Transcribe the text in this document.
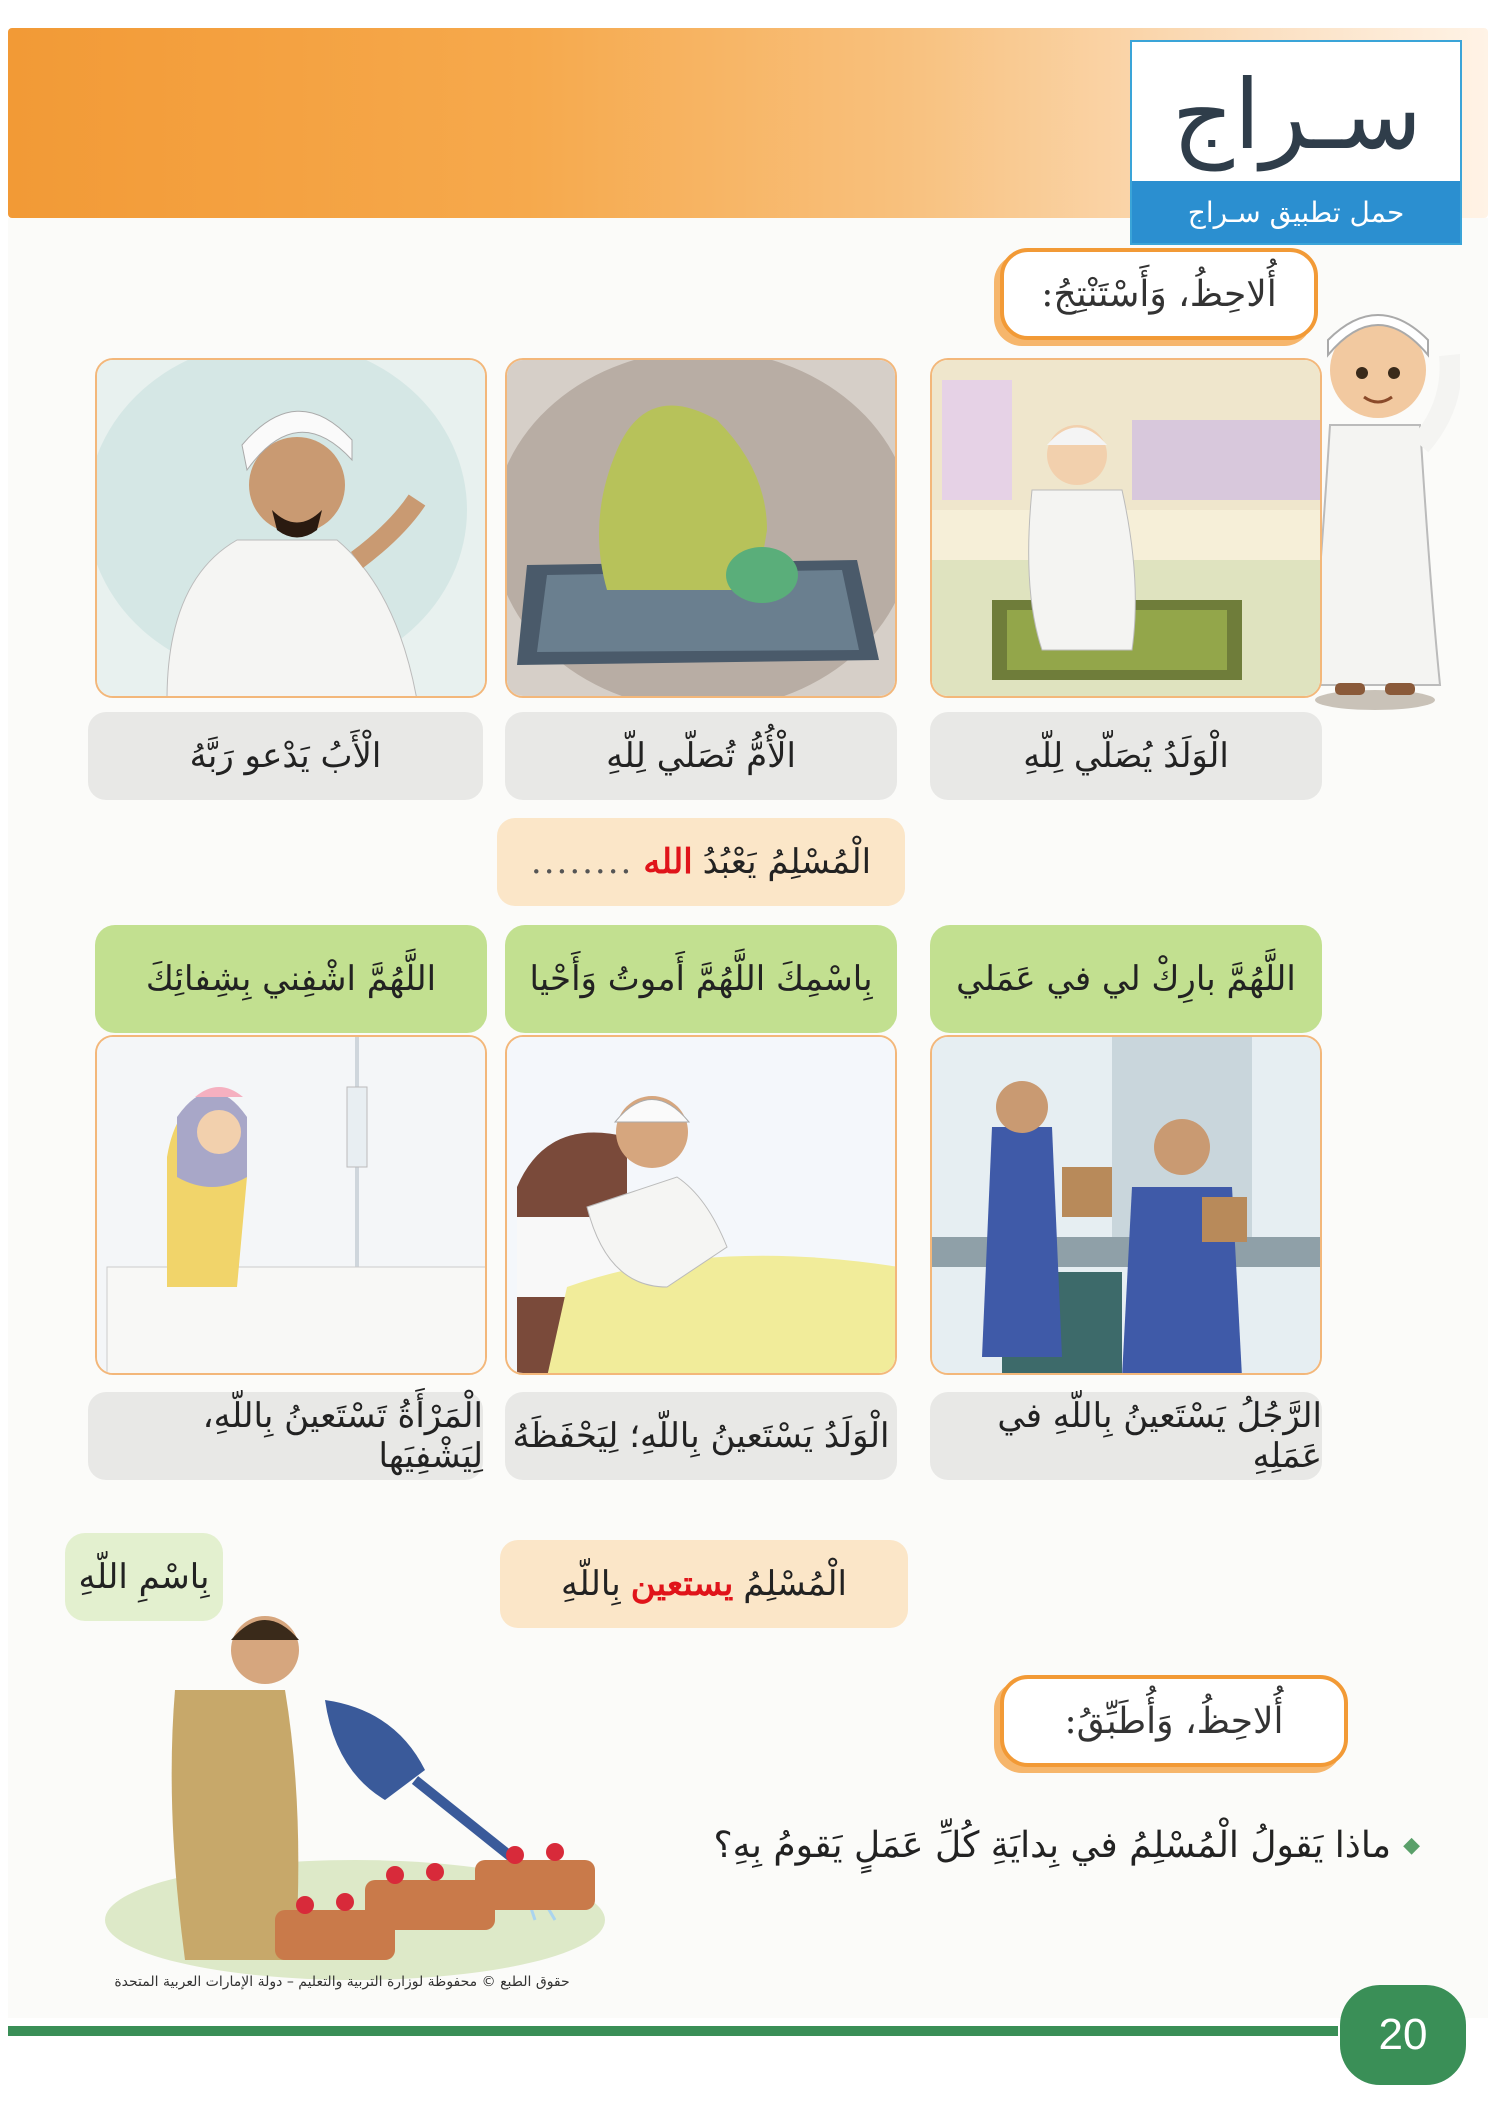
سـراج
حمل تطبيق سـراج
أُلاحِظُ، وَأَسْتَنْتِجُ:
الْوَلَدُ يُصَلّي لِلّهِ
الْأُمُّ تُصَلّي لِلّهِ
الْأَبُ يَدْعو رَبَّهُ
الْمُسْلِمُ يَعْبُدُ
الله
........
اللَّهُمَّ بارِكْ لي في عَمَلي
بِاسْمِكَ اللَّهُمَّ أَموتُ وَأَحْيا
اللَّهُمَّ اشْفِني بِشِفائِكَ
الرَّجُلُ يَسْتَعينُ بِاللّهِ في عَمَلِهِ
الْوَلَدُ يَسْتَعينُ بِاللّهِ؛ لِيَحْفَظَهُ
الْمَرْأَةُ تَسْتَعينُ بِاللّهِ، لِيَشْفِيَها
الْمُسْلِمُ
يستعين
بِاللّهِ
بِاسْمِ اللّهِ
أُلاحِظُ، وَأُطَبِّقُ:
◆
ماذا يَقولُ الْمُسْلِمُ في بِدايَةِ كُلِّ عَمَلٍ يَقومُ بِهِ؟
حقوق الطبع © محفوظة لوزارة التربية والتعليم – دولة الإمارات العربية المتحدة
20
